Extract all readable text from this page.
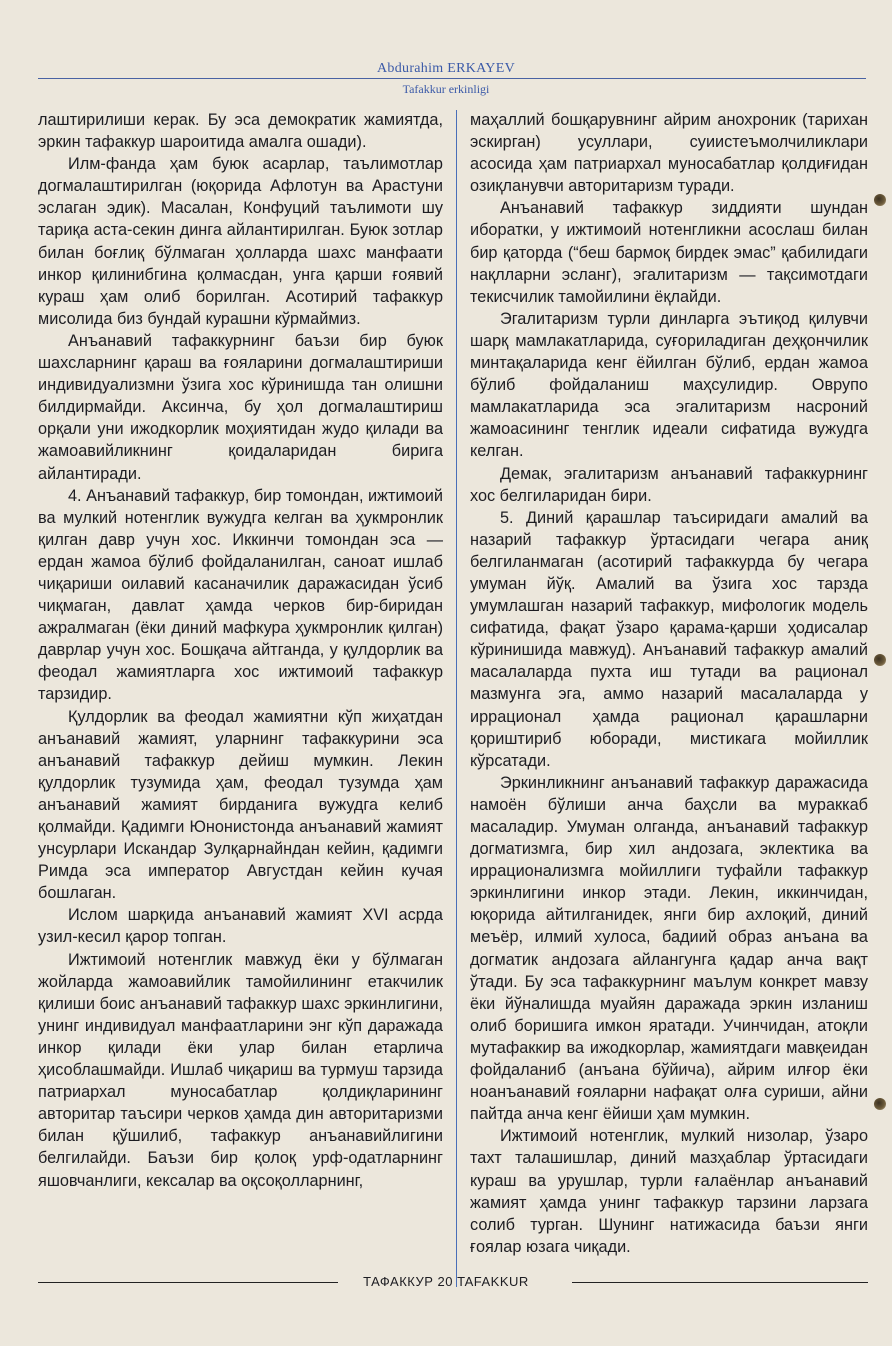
Abdurahim ERKAYEV
Tafakkur erkinligi

лаштирилиши керак. Бу эса демократик жамиятда, эркин тафаккур шароитида амалга ошади).

Илм-фанда ҳам буюк асарлар, таълимотлар догмалаштирилган (юқорида Афлотун ва Арастуни эслаган эдик). Масалан, Конфуций таълимоти шу тариқа аста-секин динга айлантирилган. Буюк зотлар билан боғлиқ бўлмаган ҳолларда шахс манфаати инкор қилинибгина қолмасдан, унга қарши ғоявий кураш ҳам олиб борилган. Асотирий тафаккур мисолида биз бундай курашни кўрмаймиз.

Анъанавий тафаккурнинг баъзи бир буюк шахсларнинг қараш ва ғояларини догмалаштириши индивидуализмни ўзига хос кўринишда тан олишни билдирмайди. Аксинча, бу ҳол догмалаштириш орқали уни ижодкорлик моҳиятидан жудо қилади ва жамоавийликнинг қоидаларидан бирига айлантиради.

4. Анъанавий тафаккур, бир томондан, ижтимоий ва мулкий нотенглик вужудга келган ва ҳукмронлик қилган давр учун хос. Иккинчи томондан эса — ердан жамоа бўлиб фойдаланилган, саноат ишлаб чиқариши оилавий касаначилик даражасидан ўсиб чиқмаган, давлат ҳамда черков бир-биридан ажралмаган (ёки диний мафкура ҳукмронлик қилган) даврлар учун хос. Бошқача айтганда, у қулдорлик ва феодал жамиятларга хос ижтимоий тафаккур тарзидир.

Қулдорлик ва феодал жамиятни кўп жиҳатдан анъанавий жамият, уларнинг тафаккурини эса анъанавий тафаккур дейиш мумкин. Лекин қулдорлик тузумида ҳам, феодал тузумда ҳам анъанавий жамият бирданига вужудга келиб қолмайди. Қадимги Юнонистонда анъанавий жамият унсурлари Искандар Зулқарнайндан кейин, қадимги Римда эса император Августдан кейин кучая бошлаган.

Ислом шарқида анъанавий жамият XVI асрда узил-кесил қарор топган.

Ижтимоий нотенглик мавжуд ёки у бўлмаган жойларда жамоавийлик тамойилининг етакчилик қилиши боис анъанавий тафаккур шахс эркинлигини, унинг индивидуал манфаатларини энг кўп даражада инкор қилади ёки улар билан етарлича ҳисоблашмайди. Ишлаб чиқариш ва турмуш тарзида патриархал муносабатлар қолдиқларининг авторитар таъсири черков ҳамда дин авторитаризми билан қўшилиб, тафаккур анъанавийлигини белгилайди. Баъзи бир қолоқ урф-одатларнинг яшовчанлиги, кексалар ва оқсоқолларнинг,

маҳаллий бошқарувнинг айрим анохроник (тарихан эскирган) усуллари, суиистеъмолчиликлари асосида ҳам патриархал муносабатлар қолдиғидан озиқланувчи авторитаризм туради.

Анъанавий тафаккур зиддияти шундан иборатки, у ижтимоий нотенгликни асослаш билан бир қаторда (“беш бармоқ бирдек эмас” қабилидаги нақлларни эсланг), эгалитаризм — тақсимотдаги текисчилик тамойилини ёқлайди.

Эгалитаризм турли динларга эътиқод қилувчи шарқ мамлакатларида, суғориладиган деҳқончилик минтақаларида кенг ёйилган бўлиб, ердан жамоа бўлиб фойдаланиш маҳсулидир. Оврупо мамлакатларида эса эгалитаризм насроний жамоасининг тенглик идеали сифатида вужудга келган.

Демак, эгалитаризм анъанавий тафаккурнинг хос белгиларидан бири.

5. Диний қарашлар таъсиридаги амалий ва назарий тафаккур ўртасидаги чегара аниқ белгиланмаган (асотирий тафаккурда бу чегара умуман йўқ. Амалий ва ўзига хос тарзда умумлашган назарий тафаккур, мифологик модель сифатида, фақат ўзаро қарама-қарши ҳодисалар кўринишида мавжуд). Анъанавий тафаккур амалий масалаларда пухта иш тутади ва рационал мазмунга эга, аммо назарий масалаларда у иррационал ҳамда рационал қарашларни қориштириб юборади, мистикага мойиллик кўрсатади.

Эркинликнинг анъанавий тафаккур даражасида намоён бўлиши анча баҳсли ва мураккаб масаладир. Умуман олганда, анъанавий тафаккур догматизмга, бир хил андозага, эклектика ва иррационализмга мойиллиги туфайли тафаккур эркинлигини инкор этади. Лекин, иккинчидан, юқорида айтилганидек, янги бир ахлоқий, диний меъёр, илмий хулоса, бадиий образ анъана ва догматик андозага айлангунга қадар анча вақт ўтади. Бу эса тафаккурнинг маълум конкрет мавзу ёки йўналишда муайян даражада эркин изланиш олиб боришига имкон яратади. Учинчидан, атоқли мутафаккир ва ижодкорлар, жамиятдаги мавқеидан фойдаланиб (анъана бўйича), айрим илғор ёки ноанъанавий ғояларни нафақат олға суриши, айни пайтда анча кенг ёйиши ҳам мумкин.

Ижтимоий нотенглик, мулкий низолар, ўзаро тахт талашишлар, диний мазҳаблар ўртасидаги кураш ва урушлар, турли ғалаёнлар анъанавий жамият ҳамда унинг тафаккур тарзини ларзага солиб турган. Шунинг натижасида баъзи янги ғоялар юзага чиқади.

ТАФАККУР 20 TAFAKKUR
